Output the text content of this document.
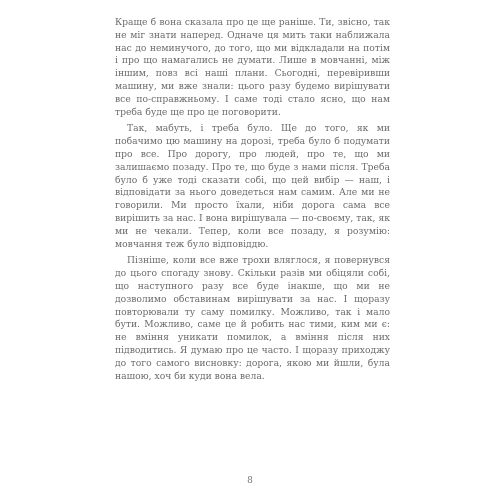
Краще б вона сказала про це ще раніше. Ти, звісно, так не міг знати наперед. Одначе ця мить таки наближала нас до неминучого, до того, що ми відкладали на потім і про що намагались не думати. Лише в мовчанні, між іншим, повз всі наші плани. Сьогодні, перевіривши машину, ми вже знали: цього разу будемо вирішувати все по-справжньому. І саме тоді стало ясно, що нам треба буде ще про це поговорити.

Так, мабуть, і треба було. Ще до того, як ми побачимо цю машину на дорозі, треба було б подумати про все. Про дорогу, про людей, про те, що ми залишаємо позаду. Про те, що буде з нами після. Треба було б уже тоді сказати собі, що цей вибір — наш, і відповідати за нього доведеться нам самим. Але ми не говорили. Ми просто їхали, ніби дорога сама все вирішить за нас. І вона вирішувала — по-своєму, так, як ми не чекали. Тепер, коли все позаду, я розумію: мовчання теж було відповіддю.

Пізніше, коли все вже трохи вляглося, я повернувся до цього спогаду знову. Скільки разів ми обіцяли собі, що наступного разу все буде інакше, що ми не дозволимо обставинам вирішувати за нас. І щоразу повторювали ту саму помилку. Можливо, так і мало бути. Можливо, саме це й робить нас тими, ким ми є: не вміння уникати помилок, а вміння після них підводитись. Я думаю про це часто. І щоразу приходжу до того самого висновку: дорога, якою ми йшли, була нашою, хоч би куди вона вела.

8
